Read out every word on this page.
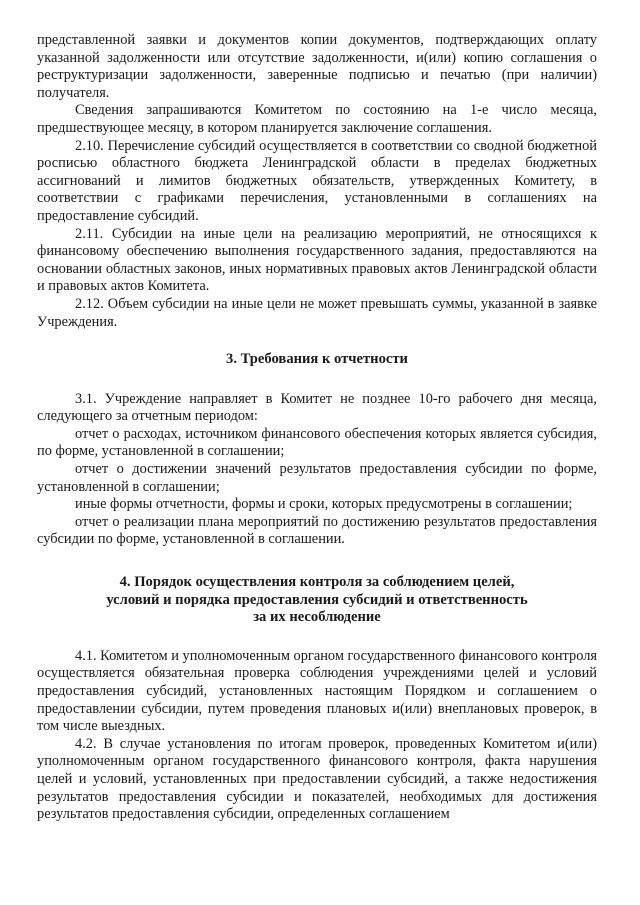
представленной заявки и документов копии документов, подтверждающих оплату указанной задолженности или отсутствие задолженности, и(или) копию соглашения о реструктуризации задолженности, заверенные подписью и печатью (при наличии) получателя.

Сведения запрашиваются Комитетом по состоянию на 1-е число месяца, предшествующее месяцу, в котором планируется заключение соглашения.

2.10. Перечисление субсидий осуществляется в соответствии со сводной бюджетной росписью областного бюджета Ленинградской области в пределах бюджетных ассигнований и лимитов бюджетных обязательств, утвержденных Комитету, в соответствии с графиками перечисления, установленными в соглашениях на предоставление субсидий.

2.11. Субсидии на иные цели на реализацию мероприятий, не относящихся к финансовому обеспечению выполнения государственного задания, предоставляются на основании областных законов, иных нормативных правовых актов Ленинградской области и правовых актов Комитета.

2.12. Объем субсидии на иные цели не может превышать суммы, указанной в заявке Учреждения.

3. Требования к отчетности

3.1. Учреждение направляет в Комитет не позднее 10-го рабочего дня месяца, следующего за отчетным периодом:

отчет о расходах, источником финансового обеспечения которых является субсидия, по форме, установленной в соглашении;

отчет о достижении значений результатов предоставления субсидии по форме, установленной в соглашении;

иные формы отчетности, формы и сроки, которых предусмотрены в соглашении;

отчет о реализации плана мероприятий по достижению результатов предоставления субсидии по форме, установленной в соглашении.

4. Порядок осуществления контроля за соблюдением целей,
условий и порядка предоставления субсидий и ответственность
за их несоблюдение

4.1. Комитетом и уполномоченным органом государственного финансового контроля осуществляется обязательная проверка соблюдения учреждениями целей и условий предоставления субсидий, установленных настоящим Порядком и соглашением о предоставлении субсидии, путем проведения плановых и(или) внеплановых проверок, в том числе выездных.

4.2. В случае установления по итогам проверок, проведенных Комитетом и(или) уполномоченным органом государственного финансового контроля, факта нарушения целей и условий, установленных при предоставлении субсидий, а также недостижения результатов предоставления субсидии и показателей, необходимых для достижения результатов предоставления субсидии, определенных соглашением
